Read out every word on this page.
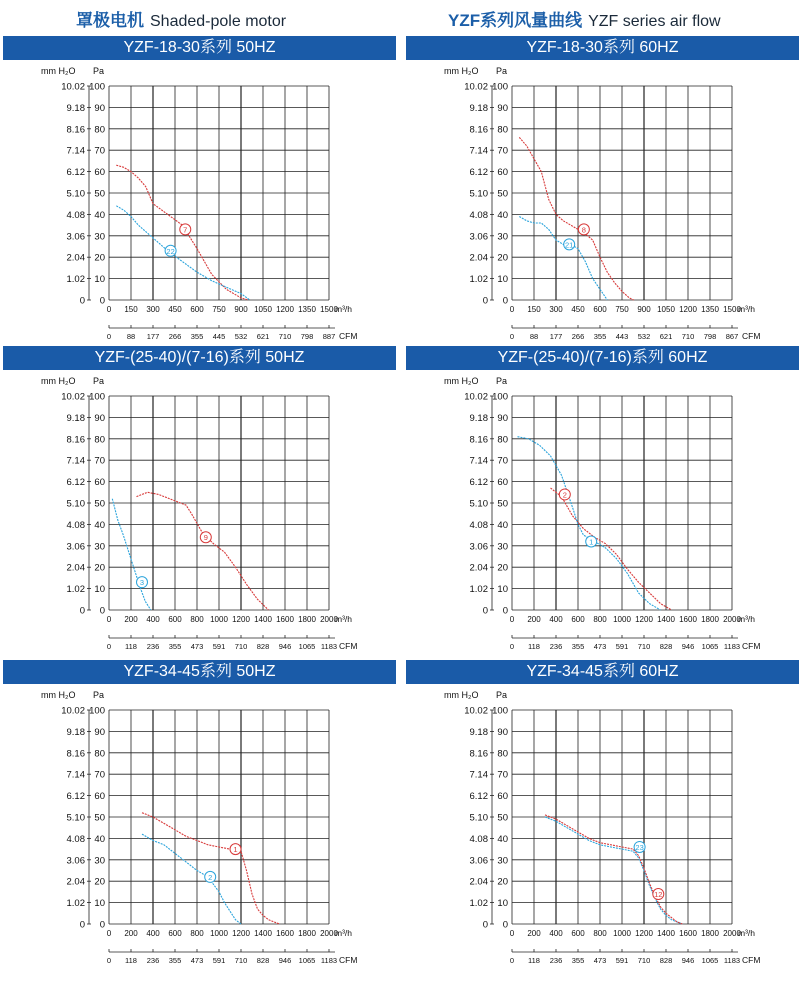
罩极电机 Shaded-pole motor	YZF系列风量曲线 YZF series air flow
YZF-18-30系列 50HZ
mm H₂O Pa
10.02 100
9.18 90
8.16 80
7.14 70
6.12 60
5.10 50
4.08 40
3.06 30
2.04 20
1.02 10
0 0
0 150 300 450 600 750 900 1050 1200 1350 1500
m³/h
0 88 177 266 355 445 532 621 710 798 887 CFM
7
22
YZF-18-30系列 60HZ
mm H₂O Pa
10.02 100
9.18 90
8.16 80
7.14 70
6.12 60
5.10 50
4.08 40
3.06 30
2.04 20
1.02 10
0 0
0 150 300 450 600 750 900 1050 1200 1350 1500
m³/h
0 88 177 266 355 443 532 621 710 798 867 CFM
8
21
YZF-(25-40)/(7-16)系列 50HZ
mm H₂O Pa
10.02 100
9.18 90
8.16 80
7.14 70
6.12 60
5.10 50
4.08 40
3.06 30
2.04 20
1.02 10
0 0
0 200 400 600 800 1000 1200 1400 1600 1800 2000
m³/h
0 118 236 355 473 591 710 828 946 1065 1183 CFM
9
3
YZF-(25-40)/(7-16)系列 60HZ
mm H₂O Pa
10.02 100
9.18 90
8.16 80
7.14 70
6.12 60
5.10 50
4.08 40
3.06 30
2.04 20
1.02 10
0 0
0 200 400 600 800 1000 1200 1400 1600 1800 2000
m³/h
0 118 236 355 473 591 710 828 946 1065 1183 CFM
2
1
YZF-34-45系列 50HZ
mm H₂O Pa
10.02 100
9.18 90
8.16 80
7.14 70
6.12 60
5.10 50
4.08 40
3.06 30
2.04 20
1.02 10
0 0
0 200 400 600 800 1000 1200 1400 1600 1800 2000
m³/h
0 118 236 355 473 591 710 828 946 1065 1183 CFM
1
2
YZF-34-45系列 60HZ
mm H₂O Pa
10.02 100
9.18 90
8.16 80
7.14 70
6.12 60
5.10 50
4.08 40
3.06 30
2.04 20
1.02 10
0 0
0 200 400 600 800 1000 1200 1400 1600 1800 2000
m³/h
0 118 236 355 473 591 710 828 946 1065 1183 CFM
23
12
